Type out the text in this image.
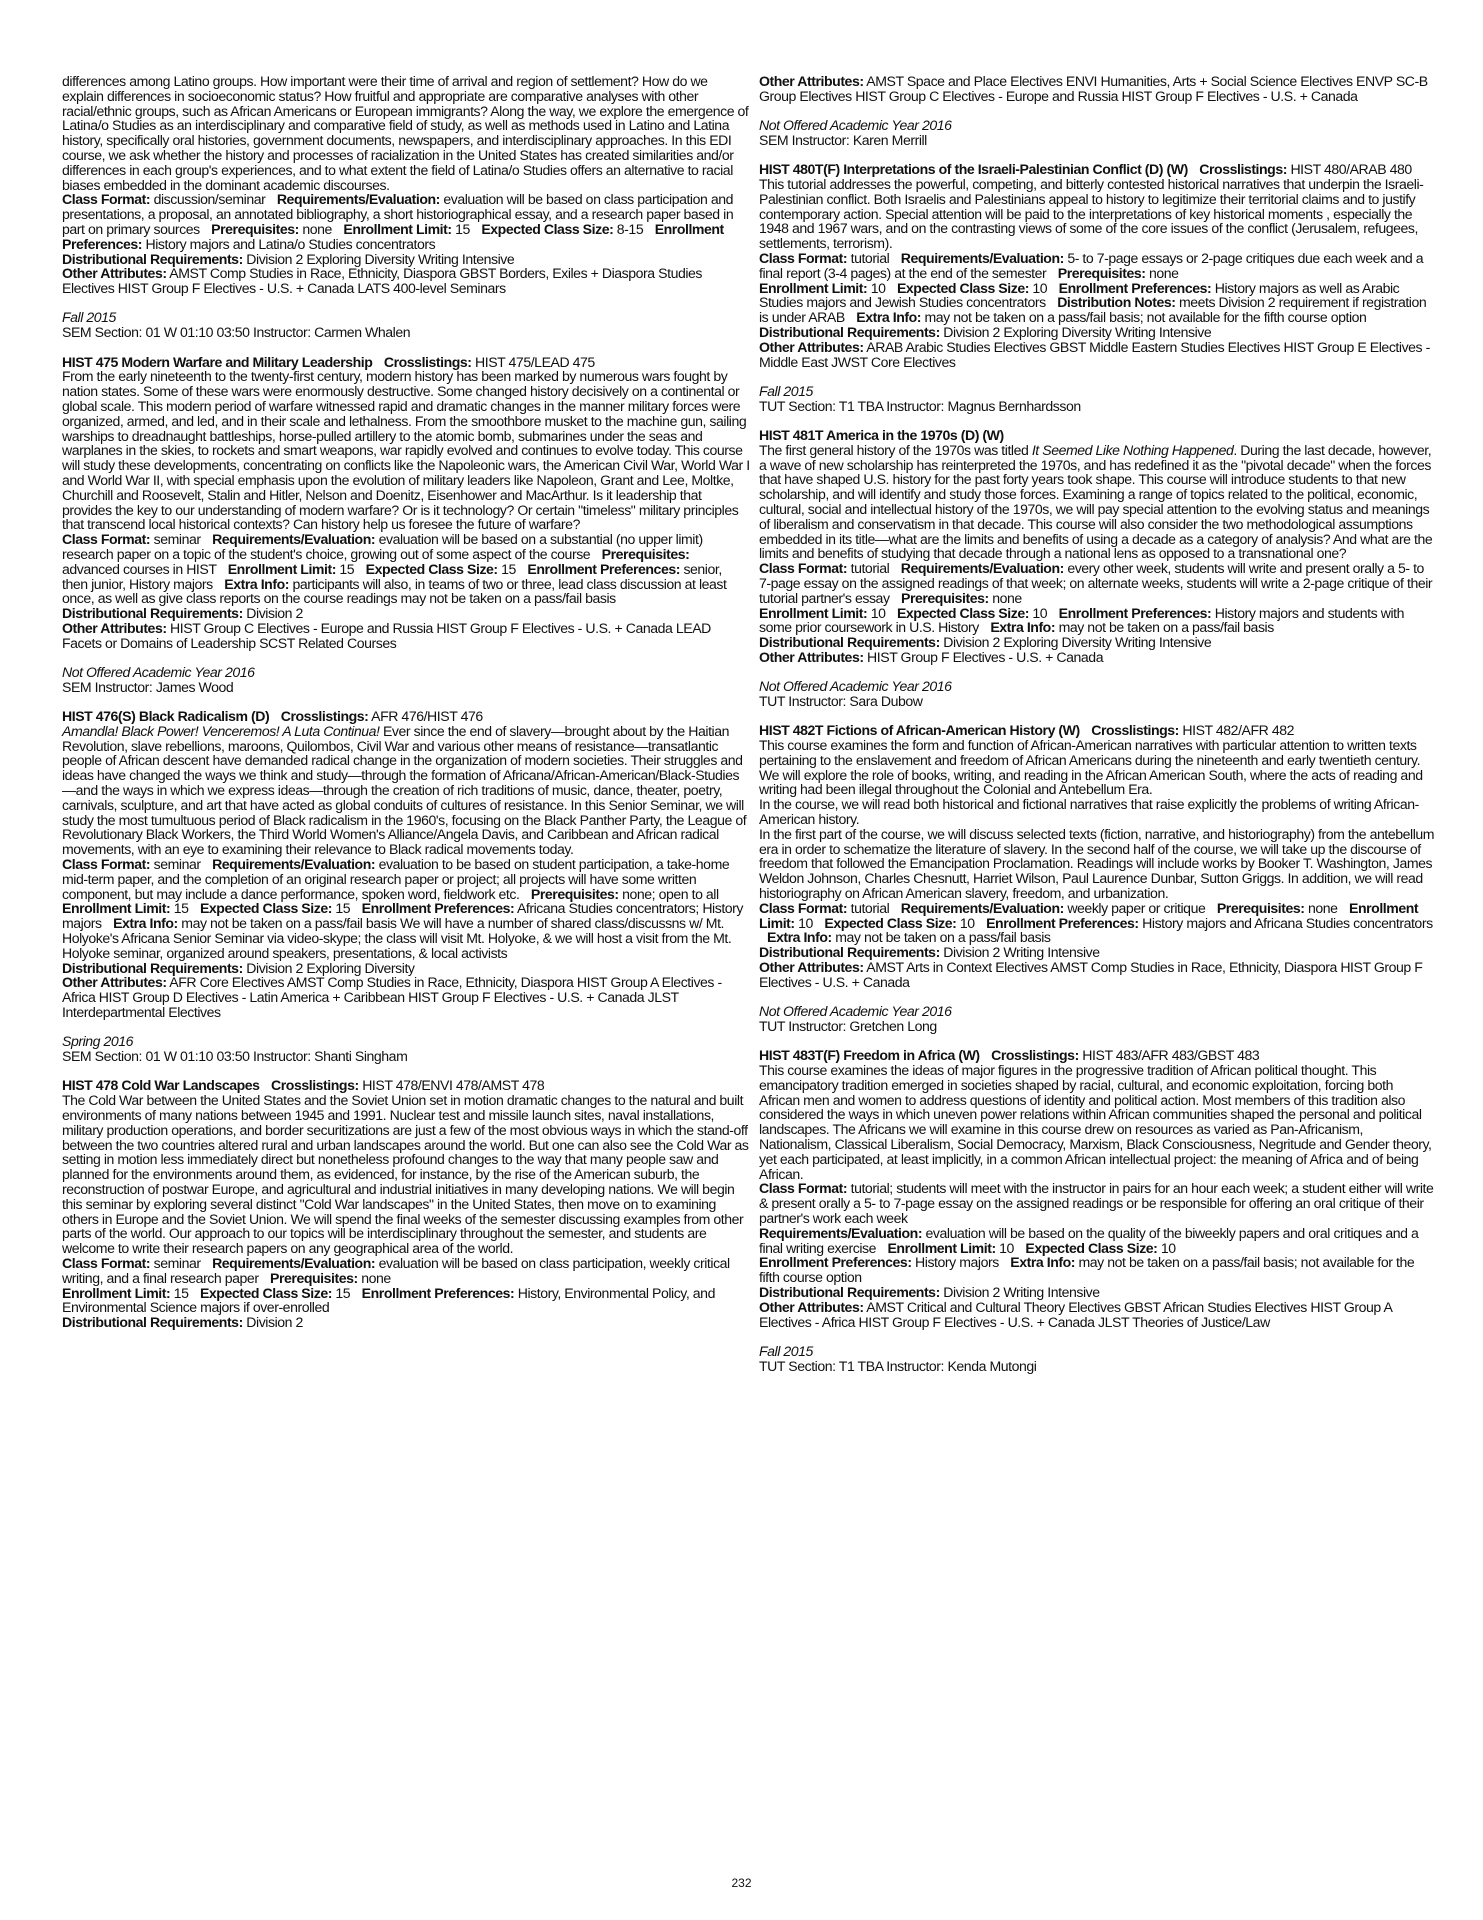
differences among Latino groups. How important were their time of arrival and region of settlement? How do we explain differences in socioeconomic status? How fruitful and appropriate are comparative analyses with other racial/ethnic groups, such as African Americans or European immigrants? Along the way, we explore the emergence of Latina/o Studies as an interdisciplinary and comparative field of study, as well as methods used in Latino and Latina history, specifically oral histories, government documents, newspapers, and interdisciplinary approaches. In this EDI course, we ask whether the history and processes of racialization in the United States has created similarities and/or differences in each group's experiences, and to what extent the field of Latina/o Studies offers an alternative to racial biases embedded in the dominant academic discourses.
Class Format: discussion/seminar Requirements/Evaluation: evaluation will be based on class participation and presentations, a proposal, an annotated bibliography, a short historiographical essay, and a research paper based in part on primary sources Prerequisites: none Enrollment Limit: 15 Expected Class Size: 8-15 Enrollment Preferences: History majors and Latina/o Studies concentrators
Distributional Requirements: Division 2 Exploring Diversity Writing Intensive
Other Attributes: AMST Comp Studies in Race, Ethnicity, Diaspora GBST Borders, Exiles + Diaspora Studies Electives HIST Group F Electives - U.S. + Canada LATS 400-level Seminars

Fall 2015

SEM Section: 01 W 01:10 03:50 Instructor: Carmen Whalen

HIST 475 Modern Warfare and Military Leadership Crosslistings: HIST 475/LEAD 475
From the early nineteenth to the twenty-first century, modern history has been marked by numerous wars fought by nation states. Some of these wars were enormously destructive. Some changed history decisively on a continental or global scale. This modern period of warfare witnessed rapid and dramatic changes in the manner military forces were organized, armed, and led, and in their scale and lethalness. From the smoothbore musket to the machine gun, sailing warships to dreadnaught battleships, horse-pulled artillery to the atomic bomb, submarines under the seas and warplanes in the skies, to rockets and smart weapons, war rapidly evolved and continues to evolve today. This course will study these developments, concentrating on conflicts like the Napoleonic wars, the American Civil War, World War I and World War II, with special emphasis upon the evolution of military leaders like Napoleon, Grant and Lee, Moltke, Churchill and Roosevelt, Stalin and Hitler, Nelson and Doenitz, Eisenhower and MacArthur. Is it leadership that provides the key to our understanding of modern warfare? Or is it technology? Or certain "timeless" military principles that transcend local historical contexts? Can history help us foresee the future of warfare?
Class Format: seminar Requirements/Evaluation: evaluation will be based on a substantial (no upper limit) research paper on a topic of the student's choice, growing out of some aspect of the course Prerequisites: advanced courses in HIST Enrollment Limit: 15 Expected Class Size: 15 Enrollment Preferences: senior, then junior, History majors Extra Info: participants will also, in teams of two or three, lead class discussion at least once, as well as give class reports on the course readings may not be taken on a pass/fail basis
Distributional Requirements: Division 2
Other Attributes: HIST Group C Electives - Europe and Russia HIST Group F Electives - U.S. + Canada LEAD Facets or Domains of Leadership SCST Related Courses

Not Offered Academic Year 2016

SEM Instructor: James Wood

HIST 476(S) Black Radicalism (D) Crosslistings: AFR 476/HIST 476
Amandla! Black Power! Venceremos! A Luta Continua! Ever since the end of slavery—brought about by the Haitian Revolution, slave rebellions, maroons, Quilombos, Civil War and various other means of resistance—transatlantic people of African descent have demanded radical change in the organization of modern societies. Their struggles and ideas have changed the ways we think and study—through the formation of Africana/African-American/Black-Studies—and the ways in which we express ideas—through the creation of rich traditions of music, dance, theater, poetry, carnivals, sculpture, and art that have acted as global conduits of cultures of resistance. In this Senior Seminar, we will study the most tumultuous period of Black radicalism in the 1960's, focusing on the Black Panther Party, the League of Revolutionary Black Workers, the Third World Women's Alliance/Angela Davis, and Caribbean and African radical movements, with an eye to examining their relevance to Black radical movements today.
Class Format: seminar Requirements/Evaluation: evaluation to be based on student participation, a take-home mid-term paper, and the completion of an original research paper or project; all projects will have some written component, but may include a dance performance, spoken word, fieldwork etc. Prerequisites: none; open to all Enrollment Limit: 15 Expected Class Size: 15 Enrollment Preferences: Africana Studies concentrators; History majors Extra Info: may not be taken on a pass/fail basis We will have a number of shared class/discussns w/ Mt. Holyoke's Africana Senior Seminar via video-skype; the class will visit Mt. Holyoke, & we will host a visit from the Mt. Holyoke seminar, organized around speakers, presentations, & local activists
Distributional Requirements: Division 2 Exploring Diversity
Other Attributes: AFR Core Electives AMST Comp Studies in Race, Ethnicity, Diaspora HIST Group A Electives - Africa HIST Group D Electives - Latin America + Caribbean HIST Group F Electives - U.S. + Canada JLST Interdepartmental Electives

Spring 2016

SEM Section: 01 W 01:10 03:50 Instructor: Shanti Singham

HIST 478 Cold War Landscapes Crosslistings: HIST 478/ENVI 478/AMST 478
The Cold War between the United States and the Soviet Union set in motion dramatic changes to the natural and built environments of many nations between 1945 and 1991. Nuclear test and missile launch sites, naval installations, military production operations, and border securitizations are just a few of the most obvious ways in which the stand-off between the two countries altered rural and urban landscapes around the world. But one can also see the Cold War as setting in motion less immediately direct but nonetheless profound changes to the way that many people saw and planned for the environments around them, as evidenced, for instance, by the rise of the American suburb, the reconstruction of postwar Europe, and agricultural and industrial initiatives in many developing nations. We will begin this seminar by exploring several distinct "Cold War landscapes" in the United States, then move on to examining others in Europe and the Soviet Union. We will spend the final weeks of the semester discussing examples from other parts of the world. Our approach to our topics will be interdisciplinary throughout the semester, and students are welcome to write their research papers on any geographical area of the world.
Class Format: seminar Requirements/Evaluation: evaluation will be based on class participation, weekly critical writing, and a final research paper Prerequisites: none
Enrollment Limit: 15 Expected Class Size: 15 Enrollment Preferences: History, Environmental Policy, and Environmental Science majors if over-enrolled
Distributional Requirements: Division 2

Other Attributes: AMST Space and Place Electives ENVI Humanities, Arts + Social Science Electives ENVP SC-B Group Electives HIST Group C Electives - Europe and Russia HIST Group F Electives - U.S. + Canada

Not Offered Academic Year 2016

SEM Instructor: Karen Merrill

HIST 480T(F) Interpretations of the Israeli-Palestinian Conflict (D) (W) Crosslistings: HIST 480/ARAB 480
This tutorial addresses the powerful, competing, and bitterly contested historical narratives that underpin the Israeli-Palestinian conflict. Both Israelis and Palestinians appeal to history to legitimize their territorial claims and to justify contemporary action. Special attention will be paid to the interpretations of key historical moments , especially the 1948 and 1967 wars, and on the contrasting views of some of the core issues of the conflict (Jerusalem, refugees, settlements, terrorism).
Class Format: tutorial Requirements/Evaluation: 5- to 7-page essays or 2-page critiques due each week and a final report (3-4 pages) at the end of the semester Prerequisites: none
Enrollment Limit: 10 Expected Class Size: 10 Enrollment Preferences: History majors as well as Arabic Studies majors and Jewish Studies concentrators Distribution Notes: meets Division 2 requirement if registration is under ARAB Extra Info: may not be taken on a pass/fail basis; not available for the fifth course option
Distributional Requirements: Division 2 Exploring Diversity Writing Intensive
Other Attributes: ARAB Arabic Studies Electives GBST Middle Eastern Studies Electives HIST Group E Electives - Middle East JWST Core Electives

Fall 2015

TUT Section: T1 TBA Instructor: Magnus Bernhardsson

HIST 481T America in the 1970s (D) (W)
The first general history of the 1970s was titled It Seemed Like Nothing Happened. During the last decade, however, a wave of new scholarship has reinterpreted the 1970s, and has redefined it as the "pivotal decade" when the forces that have shaped U.S. history for the past forty years took shape. This course will introduce students to that new scholarship, and will identify and study those forces. Examining a range of topics related to the political, economic, cultural, social and intellectual history of the 1970s, we will pay special attention to the evolving status and meanings of liberalism and conservatism in that decade. This course will also consider the two methodological assumptions embedded in its title—what are the limits and benefits of using a decade as a category of analysis? And what are the limits and benefits of studying that decade through a national lens as opposed to a transnational one?
Class Format: tutorial Requirements/Evaluation: every other week, students will write and present orally a 5- to 7-page essay on the assigned readings of that week; on alternate weeks, students will write a 2-page critique of their tutorial partner's essay Prerequisites: none
Enrollment Limit: 10 Expected Class Size: 10 Enrollment Preferences: History majors and students with some prior coursework in U.S. History Extra Info: may not be taken on a pass/fail basis
Distributional Requirements: Division 2 Exploring Diversity Writing Intensive
Other Attributes: HIST Group F Electives - U.S. + Canada

Not Offered Academic Year 2016

TUT Instructor: Sara Dubow

HIST 482T Fictions of African-American History (W) Crosslistings: HIST 482/AFR 482
This course examines the form and function of African-American narratives with particular attention to written texts pertaining to the enslavement and freedom of African Americans during the nineteenth and early twentieth century. We will explore the role of books, writing, and reading in the African American South, where the acts of reading and writing had been illegal throughout the Colonial and Antebellum Era.
In the course, we will read both historical and fictional narratives that raise explicitly the problems of writing African-American history.
In the first part of the course, we will discuss selected texts (fiction, narrative, and historiography) from the antebellum era in order to schematize the literature of slavery. In the second half of the course, we will take up the discourse of freedom that followed the Emancipation Proclamation. Readings will include works by Booker T. Washington, James Weldon Johnson, Charles Chesnutt, Harriet Wilson, Paul Laurence Dunbar, Sutton Griggs. In addition, we will read historiography on African American slavery, freedom, and urbanization.
Class Format: tutorial Requirements/Evaluation: weekly paper or critique Prerequisites: none Enrollment Limit: 10 Expected Class Size: 10 Enrollment Preferences: History majors and Africana Studies concentrators Extra Info: may not be taken on a pass/fail basis
Distributional Requirements: Division 2 Writing Intensive
Other Attributes: AMST Arts in Context Electives AMST Comp Studies in Race, Ethnicity, Diaspora HIST Group F Electives - U.S. + Canada

Not Offered Academic Year 2016

TUT Instructor: Gretchen Long

HIST 483T(F) Freedom in Africa (W) Crosslistings: HIST 483/AFR 483/GBST 483
This course examines the ideas of major figures in the progressive tradition of African political thought. This emancipatory tradition emerged in societies shaped by racial, cultural, and economic exploitation, forcing both African men and women to address questions of identity and political action. Most members of this tradition also considered the ways in which uneven power relations within African communities shaped the personal and political landscapes. The Africans we will examine in this course drew on resources as varied as Pan-Africanism, Nationalism, Classical Liberalism, Social Democracy, Marxism, Black Consciousness, Negritude and Gender theory, yet each participated, at least implicitly, in a common African intellectual project: the meaning of Africa and of being African.
Class Format: tutorial; students will meet with the instructor in pairs for an hour each week; a student either will write & present orally a 5- to 7-page essay on the assigned readings or be responsible for offering an oral critique of their partner's work each week
Requirements/Evaluation: evaluation will be based on the quality of the biweekly papers and oral critiques and a final writing exercise Enrollment Limit: 10 Expected Class Size: 10
Enrollment Preferences: History majors Extra Info: may not be taken on a pass/fail basis; not available for the fifth course option
Distributional Requirements: Division 2 Writing Intensive
Other Attributes: AMST Critical and Cultural Theory Electives GBST African Studies Electives HIST Group A Electives - Africa HIST Group F Electives - U.S. + Canada JLST Theories of Justice/Law

Fall 2015

TUT Section: T1 TBA Instructor: Kenda Mutongi

232
